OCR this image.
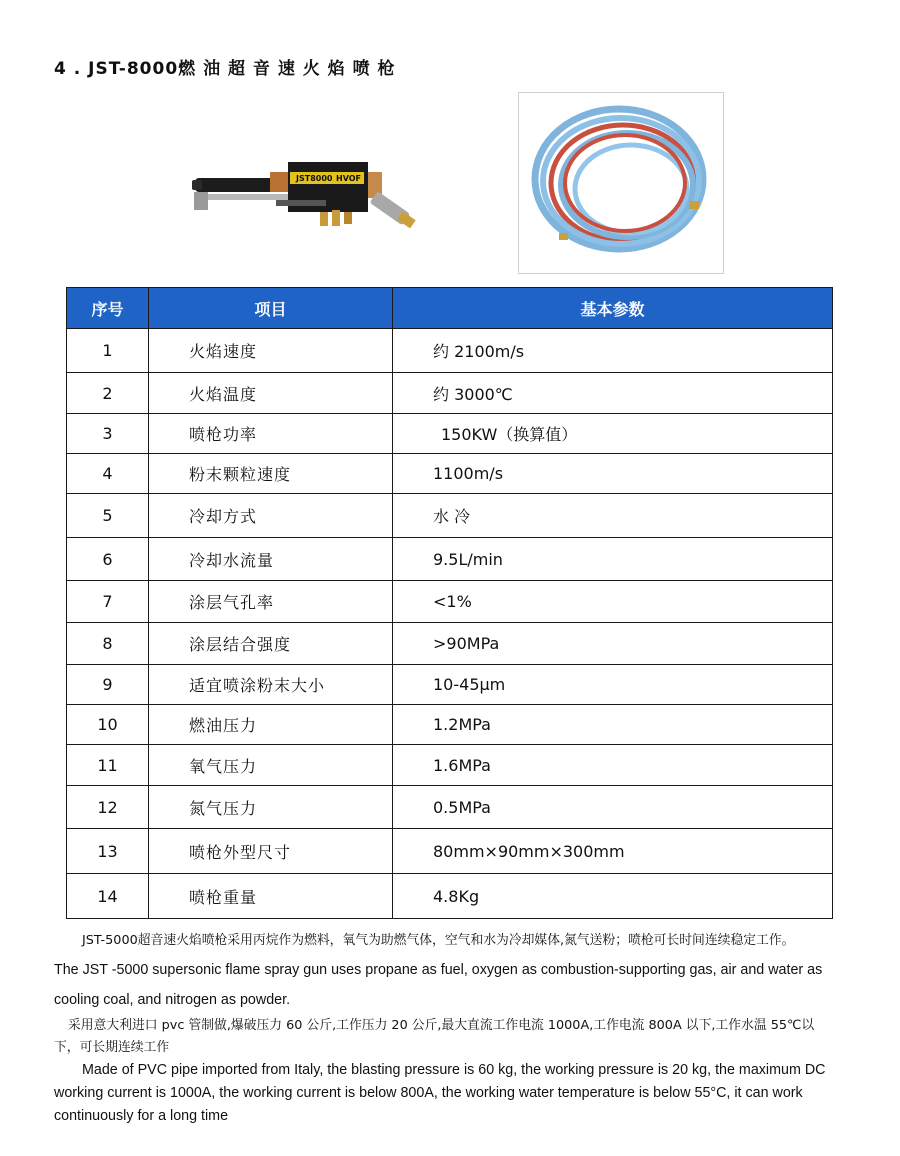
4 . JST-8000燃 油 超 音 速 火 焰 喷 枪
JST8000 HVOF
序号	项目	基本参数
1	火焰速度	约 2100m/s
2	火焰温度	约 3000℃
3	喷枪功率	150KW（换算值）
4	粉末颗粒速度	1100m/s
5	冷却方式	水 冷
6	冷却水流量	9.5L/min
7	涂层气孔率	<1%
8	涂层结合强度	>90MPa
9	适宜喷涂粉末大小	10-45μm
10	燃油压力	1.2MPa
11	氧气压力	1.6MPa
12	氮气压力	0.5MPa
13	喷枪外型尺寸	80mm×90mm×300mm
14	喷枪重量	4.8Kg
JST-5000超音速火焰喷枪采用丙烷作为燃料，氧气为助燃气体，空气和水为冷却媒体,氮气送粉；喷枪可长时间连续稳定工作。
The JST -5000 supersonic flame spray gun uses propane as fuel, oxygen as combustion-supporting gas, air and water as
cooling coal, and nitrogen as powder.
采用意大利进口 pvc 管制做,爆破压力 60 公斤,工作压力 20 公斤,最大直流工作电流 1000A,工作电流 800A 以下,工作水温 55℃以
下，可长期连续工作
Made of PVC pipe imported from Italy, the blasting pressure is 60 kg, the working pressure is 20 kg, the maximum DC
working current is 1000A, the working current is below 800A, the working water temperature is below 55°C, it can work
continuously for a long time
